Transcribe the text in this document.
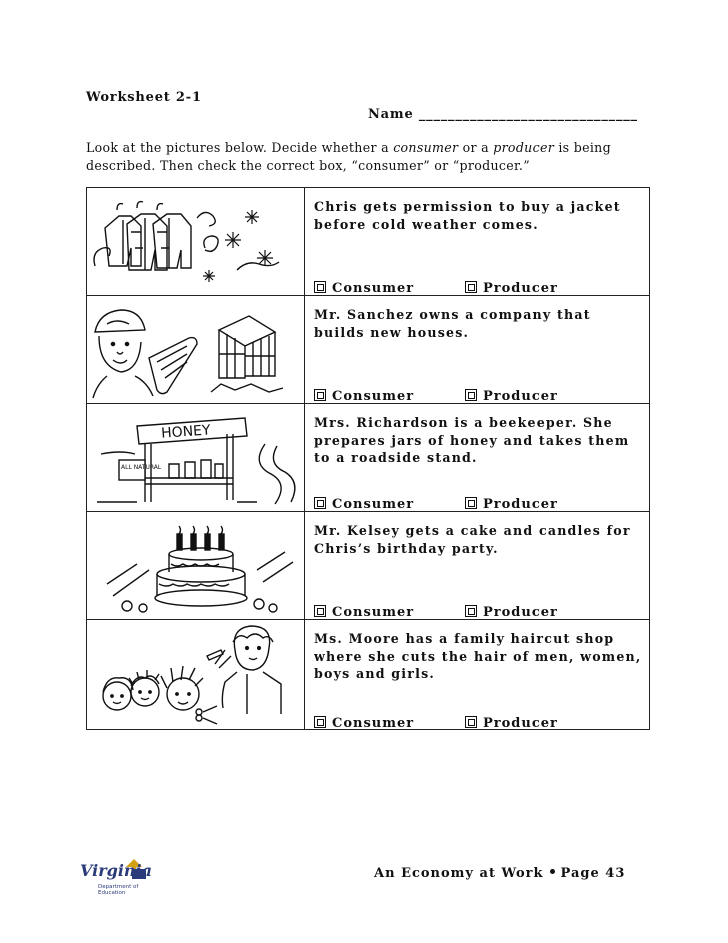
Worksheet 2-1
Name ______________________________

Look at the pictures below. Decide whether a consumer or a producer is being described. Then check the correct box, “consumer” or “producer.”

Chris gets permission to buy a jacket before cold weather comes.

Consumer	Producer

Mr. Sanchez owns a company that builds new houses.

Consumer	Producer
HONEY
ALL NATURAL

Mrs. Richardson is a beekeeper. She prepares jars of honey and takes them to a roadside stand.

Consumer	Producer

Mr. Kelsey gets a cake and candles for Chris’s birthday party.

Consumer	Producer

Ms. Moore has a family haircut shop where she cuts the hair of men, women, boys and girls.

Consumer	Producer
Virginia
Department of Education
An Economy at Work Page 43
